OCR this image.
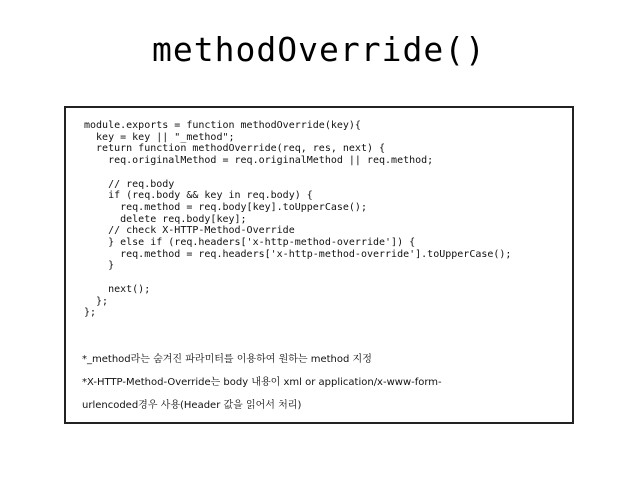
methodOverride()
module.exports = function methodOverride(key){
key = key || "_method";
return function methodOverride(req, res, next) {
req.originalMethod = req.originalMethod || req.method;

// req.body
if (req.body && key in req.body) {
req.method = req.body[key].toUpperCase();
delete req.body[key];
// check X-HTTP-Method-Override
} else if (req.headers['x-http-method-override']) {
req.method = req.headers['x-http-method-override'].toUpperCase();
}

next();
};
};
*_method라는 숨겨진 파라미터를 이용하여 원하는 method 지정
*X-HTTP-Method-Override는 body 내용이 xml or application/x-www-form-
urlencoded경우 사용(Header 값을 읽어서 처리)
